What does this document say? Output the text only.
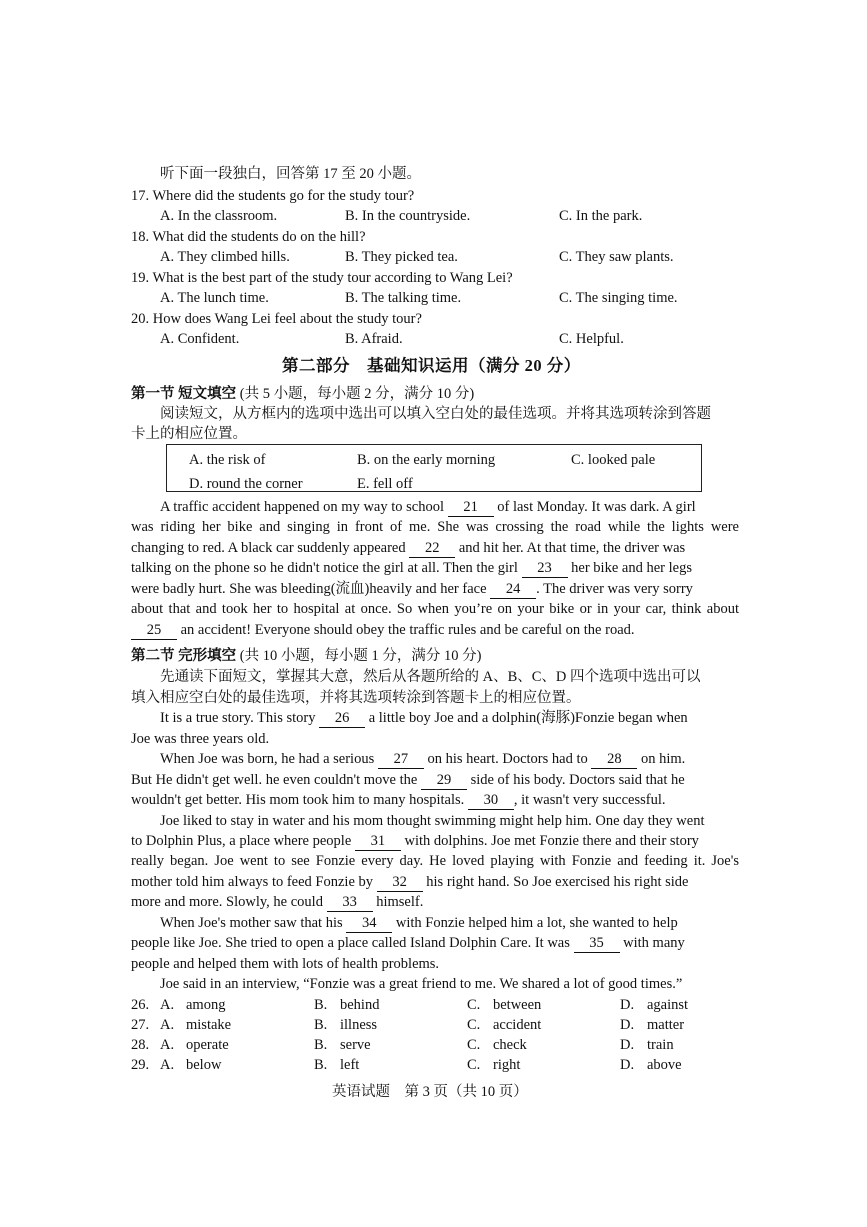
听下面一段独白，回答第 17 至 20 小题。
17. Where did the students go for the study tour?
A. In the classroom.	B. In the countryside.	C. In the park.
18. What did the students do on the hill?
A. They climbed hills.	B. They picked tea.	C. They saw plants.
19. What is the best part of the study tour according to Wang Lei?
A. The lunch time.	B. The talking time.	C. The singing time.
20. How does Wang Lei feel about the study tour?
A. Confident.	B. Afraid.	C. Helpful.
第二部分　基础知识运用（满分 20 分）
第一节 短文填空 (共 5 小题，每小题 2 分，满分 10 分)
阅读短文，从方框内的选项中选出可以填入空白处的最佳选项。并将其选项转涂到答题
卡上的相应位置。
A. the risk of	B. on the early morning	C. looked pale
D. round the corner	E. fell off
A traffic accident happened on my way to school 21 of last Monday. It was dark. A girl
was riding her bike and singing in front of me. She was crossing the road while the lights were
changing to red. A black car suddenly appeared 22 and hit her. At that time, the driver was
talking on the phone so he didn't notice the girl at all. Then the girl 23 her bike and her legs
were badly hurt. She was bleeding(流血)heavily and her face 24 . The driver was very sorry
about that and took her to hospital at once. So when you’re on your bike or in your car, think about
25 an accident! Everyone should obey the traffic rules and be careful on the road.
第二节 完形填空 (共 10 小题，每小题 1 分，满分 10 分)
先通读下面短文，掌握其大意，然后从各题所给的 A、B、C、D 四个选项中选出可以
填入相应空白处的最佳选项，并将其选项转涂到答题卡上的相应位置。
It is a true story. This story 26 a little boy Joe and a dolphin(海豚)Fonzie began when
Joe was three years old.
When Joe was born, he had a serious 27 on his heart. Doctors had to 28 on him.
But He didn't get well. he even couldn't move the 29 side of his body. Doctors said that he
wouldn't get better. His mom took him to many hospitals. 30 , it wasn't very successful.
Joe liked to stay in water and his mom thought swimming might help him. One day they went
to Dolphin Plus, a place where people 31 with dolphins. Joe met Fonzie there and their story
really began. Joe went to see Fonzie every day. He loved playing with Fonzie and feeding it. Joe's
mother told him always to feed Fonzie by 32 his right hand. So Joe exercised his right side
more and more. Slowly, he could 33 himself.
When Joe's mother saw that his 34 with Fonzie helped him a lot, she wanted to help
people like Joe. She tried to open a place called Island Dolphin Care. It was 35 with many
people and helped them with lots of health problems.
Joe said in an interview, “Fonzie was a great friend to me. We shared a lot of good times.”
26. A. among	B. behind	C. between	D. against
27. A. mistake	B. illness	C. accident	D. matter
28. A. operate	B. serve	C. check	D. train
29. A. below	B. left	C. right	D. above
英语试题　第 3 页（共 10 页）
